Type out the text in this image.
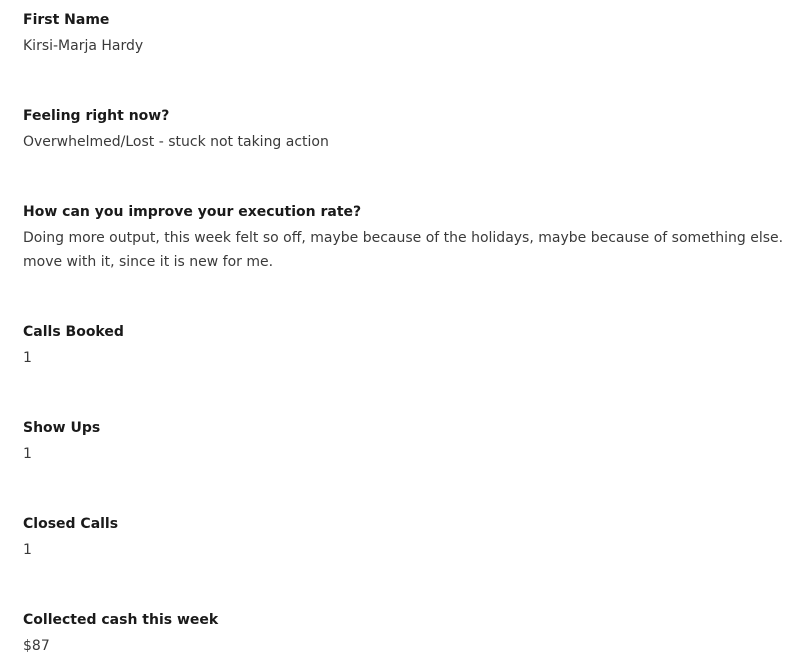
First Name
Kirsi-Marja Hardy
Feeling right now?
Overwhelmed/Lost - stuck not taking action
How can you improve your execution rate?
Doing more output, this week felt so off, maybe because of the holidays, maybe because of something else.
move with it, since it is new for me.
Calls Booked
1
Show Ups
1
Closed Calls
1
Collected cash this week
$87
